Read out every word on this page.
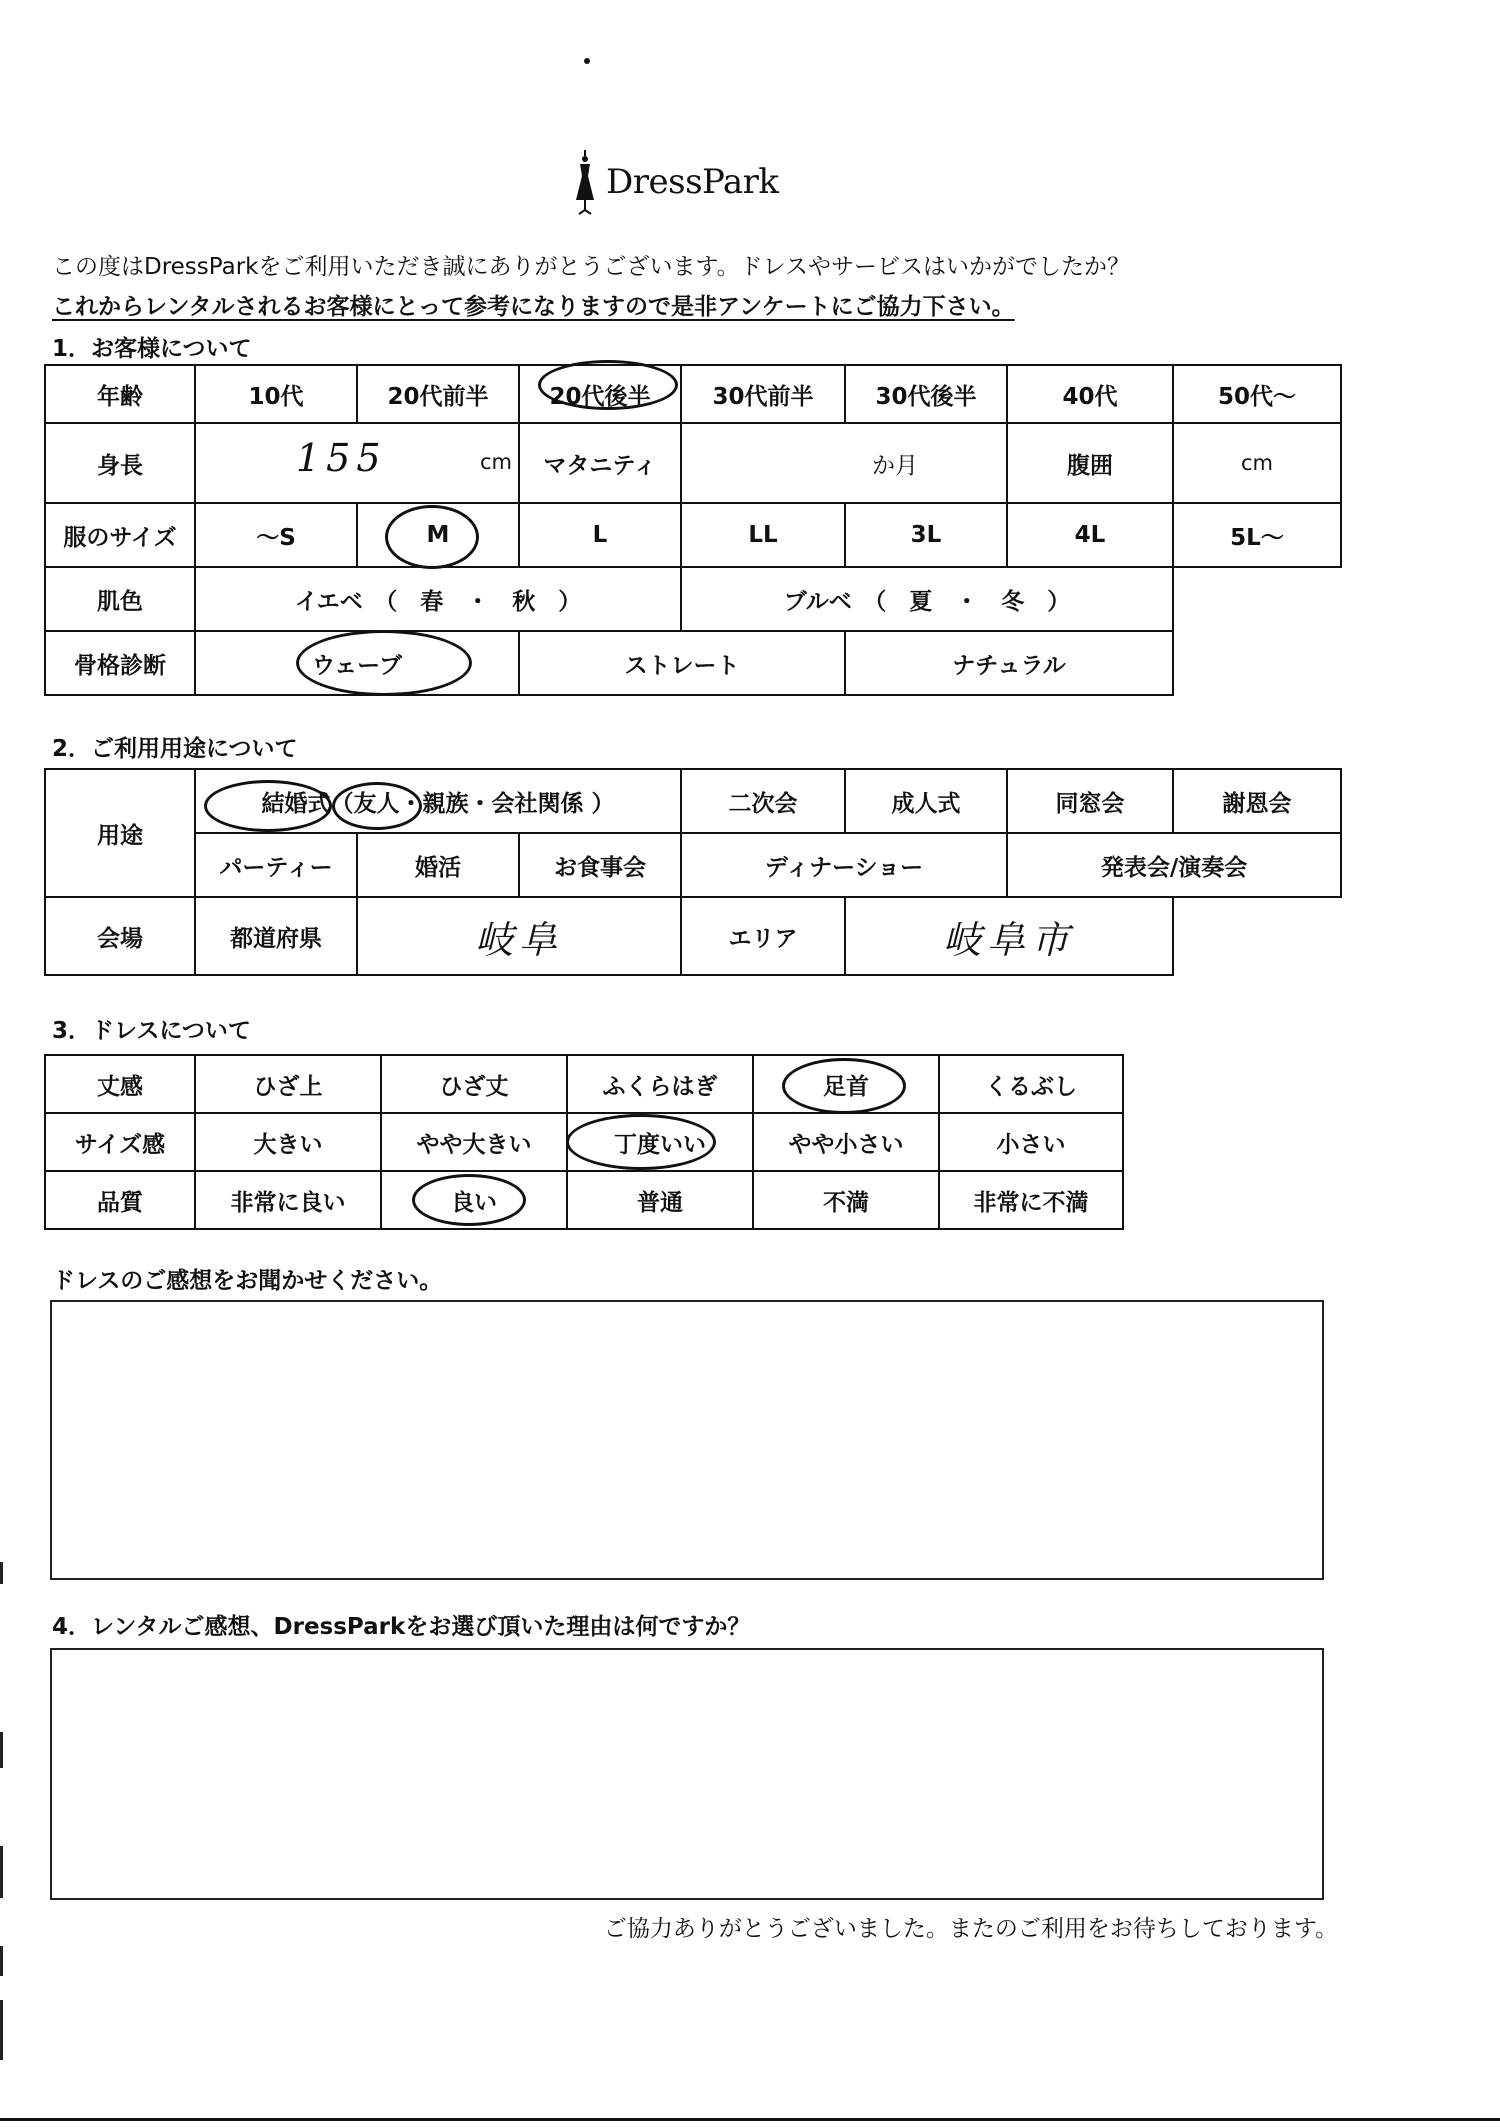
DressPark
この度はDressParkをご利用いただき誠にありがとうございます。ドレスやサービスはいかがでしたか？
これからレンタルされるお客様にとって参考になりますので是非アンケートにご協力下さい。
1．お客様について
年齢	10代	20代前半	20代後半	30代前半	30代後半	40代	50代～
身長	155 cm		マタニティ	か月		腹囲	cm
服のサイズ	～S	M	L	LL	3L	4L	5L～
肌色	イエベ　（　春　・　秋　）			ブルベ　（　夏　・　冬　）			
骨格診断	ウェーブ		ストレート		ナチュラル		
2．ご利用用途について
用途	結婚式（友人・親族・会社関係 ）			二次会	成人式	同窓会	謝恩会
	パーティー	婚活	お食事会	ディナーショー		発表会/演奏会	
会場	都道府県	岐阜		エリア	岐阜市		
3．ドレスについて
丈感	ひざ上	ひざ丈	ふくらはぎ	足首	くるぶし
サイズ感	大きい	やや大きい	丁度いい	やや小さい	小さい
品質	非常に良い	良い	普通	不満	非常に不満
ドレスのご感想をお聞かせください。
4．レンタルご感想、DressParkをお選び頂いた理由は何ですか？
ご協力ありがとうございました。またのご利用をお待ちしております。
